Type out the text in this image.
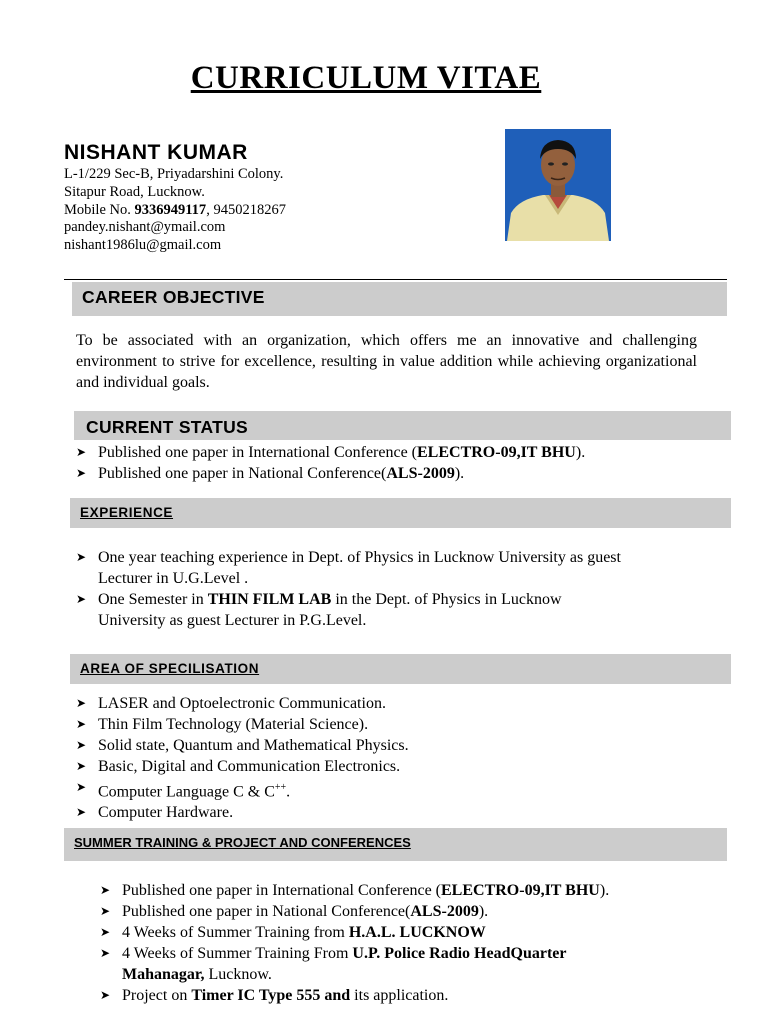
CURRICULUM VITAE
NISHANT KUMAR
L-1/229 Sec-B, Priyadarshini Colony.
Sitapur Road, Lucknow.
Mobile No. 9336949117, 9450218267
pandey.nishant@ymail.com
nishant1986lu@gmail.com
CAREER OBJECTIVE
To be associated with an organization, which offers me an innovative and challenging environment to strive for excellence, resulting in value addition while achieving organizational and individual goals.
CURRENT STATUS
➤ Published one paper in International Conference (ELECTRO-09,IT BHU).
➤ Published one paper in National Conference(ALS-2009).
EXPERIENCE
➤ One year teaching experience in Dept. of Physics in Lucknow University as guest
Lecturer in U.G.Level .
➤ One Semester in THIN FILM LAB in the Dept. of Physics in Lucknow
University as guest Lecturer in P.G.Level.
AREA OF SPECILISATION
➤ LASER and Optoelectronic Communication.
➤ Thin Film Technology (Material Science).
➤ Solid state, Quantum and Mathematical Physics.
➤ Basic, Digital and Communication Electronics.
➤ Computer Language C & C++.
➤ Computer Hardware.
SUMMER TRAINING & PROJECT AND CONFERENCES
➤ Published one paper in International Conference (ELECTRO-09,IT BHU).
➤ Published one paper in National Conference(ALS-2009).
➤ 4 Weeks of Summer Training from H.A.L. LUCKNOW
➤ 4 Weeks of Summer Training From U.P. Police Radio HeadQuarter
Mahanagar, Lucknow.
➤ Project on Timer IC Type 555 and its application.
